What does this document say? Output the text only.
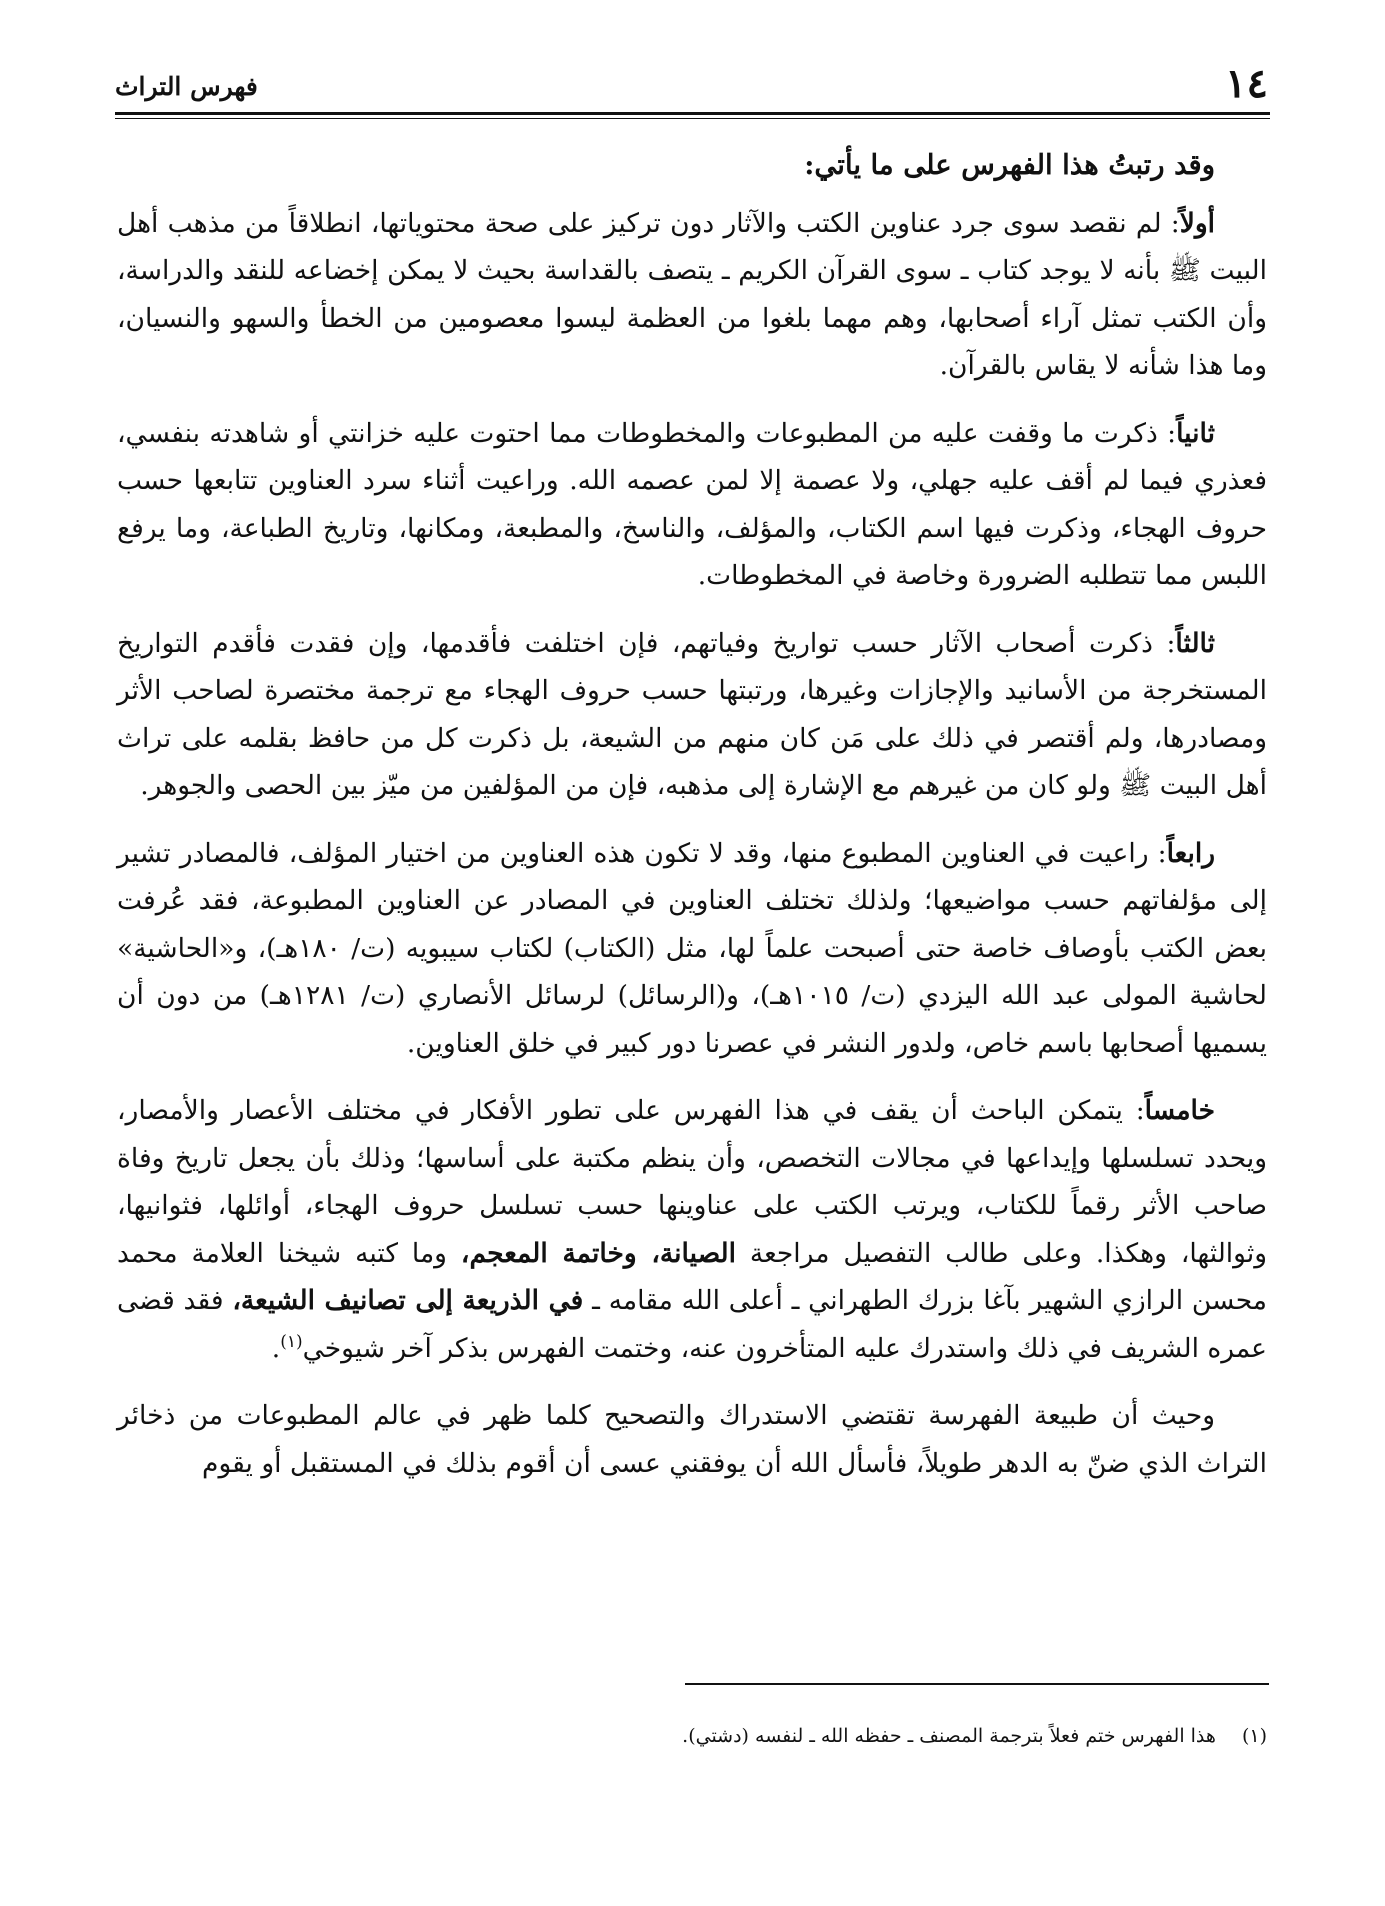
فهرس التراث	١٤

وقد رتبتُ هذا الفهرس على ما يأتي:

أولاً: لم نقصد سوى جرد عناوين الكتب والآثار دون تركيز على صحة محتوياتها، انطلاقاً من مذهب أهل البيت ﷺ بأنه لا يوجد كتاب ـ سوى القرآن الكريم ـ يتصف بالقداسة بحيث لا يمكن إخضاعه للنقد والدراسة، وأن الكتب تمثل آراء أصحابها، وهم مهما بلغوا من العظمة ليسوا معصومين من الخطأ والسهو والنسيان، وما هذا شأنه لا يقاس بالقرآن.

ثانياً: ذكرت ما وقفت عليه من المطبوعات والمخطوطات مما احتوت عليه خزانتي أو شاهدته بنفسي، فعذري فيما لم أقف عليه جهلي، ولا عصمة إلا لمن عصمه الله. وراعيت أثناء سرد العناوين تتابعها حسب حروف الهجاء، وذكرت فيها اسم الكتاب، والمؤلف، والناسخ، والمطبعة، ومكانها، وتاريخ الطباعة، وما يرفع اللبس مما تتطلبه الضرورة وخاصة في المخطوطات.

ثالثاً: ذكرت أصحاب الآثار حسب تواريخ وفياتهم، فإن اختلفت فأقدمها، وإن فقدت فأقدم التواريخ المستخرجة من الأسانيد والإجازات وغيرها، ورتبتها حسب حروف الهجاء مع ترجمة مختصرة لصاحب الأثر ومصادرها، ولم أقتصر في ذلك على مَن كان منهم من الشيعة، بل ذكرت كل من حافظ بقلمه على تراث أهل البيت ﷺ ولو كان من غيرهم مع الإشارة إلى مذهبه، فإن من المؤلفين من ميّز بين الحصى والجوهر.

رابعاً: راعيت في العناوين المطبوع منها، وقد لا تكون هذه العناوين من اختيار المؤلف، فالمصادر تشير إلى مؤلفاتهم حسب مواضيعها؛ ولذلك تختلف العناوين في المصادر عن العناوين المطبوعة، فقد عُرفت بعض الكتب بأوصاف خاصة حتى أصبحت علماً لها، مثل (الكتاب) لكتاب سيبويه (ت/ ١٨٠هـ)، و«الحاشية» لحاشية المولى عبد الله اليزدي (ت/ ١٠١٥هـ)، و(الرسائل) لرسائل الأنصاري (ت/ ١٢٨١هـ) من دون أن يسميها أصحابها باسم خاص، ولدور النشر في عصرنا دور كبير في خلق العناوين.

خامساً: يتمكن الباحث أن يقف في هذا الفهرس على تطور الأفكار في مختلف الأعصار والأمصار، ويحدد تسلسلها وإيداعها في مجالات التخصص، وأن ينظم مكتبة على أساسها؛ وذلك بأن يجعل تاريخ وفاة صاحب الأثر رقماً للكتاب، ويرتب الكتب على عناوينها حسب تسلسل حروف الهجاء، أوائلها، فثوانيها، وثوالثها، وهكذا. وعلى طالب التفصيل مراجعة الصيانة، وخاتمة المعجم، وما كتبه شيخنا العلامة محمد محسن الرازي الشهير بآغا بزرك الطهراني ـ أعلى الله مقامه ـ في الذريعة إلى تصانيف الشيعة، فقد قضى عمره الشريف في ذلك واستدرك عليه المتأخرون عنه، وختمت الفهرس بذكر آخر شيوخي$^{(١)}$.

وحيث أن طبيعة الفهرسة تقتضي الاستدراك والتصحيح كلما ظهر في عالم المطبوعات من ذخائر التراث الذي ضنّ به الدهر طويلاً، فأسأل الله أن يوفقني عسى أن أقوم بذلك في المستقبل أو يقوم

(١)هذا الفهرس ختم فعلاً بترجمة المصنف ـ حفظه الله ـ لنفسه (دشتي).
